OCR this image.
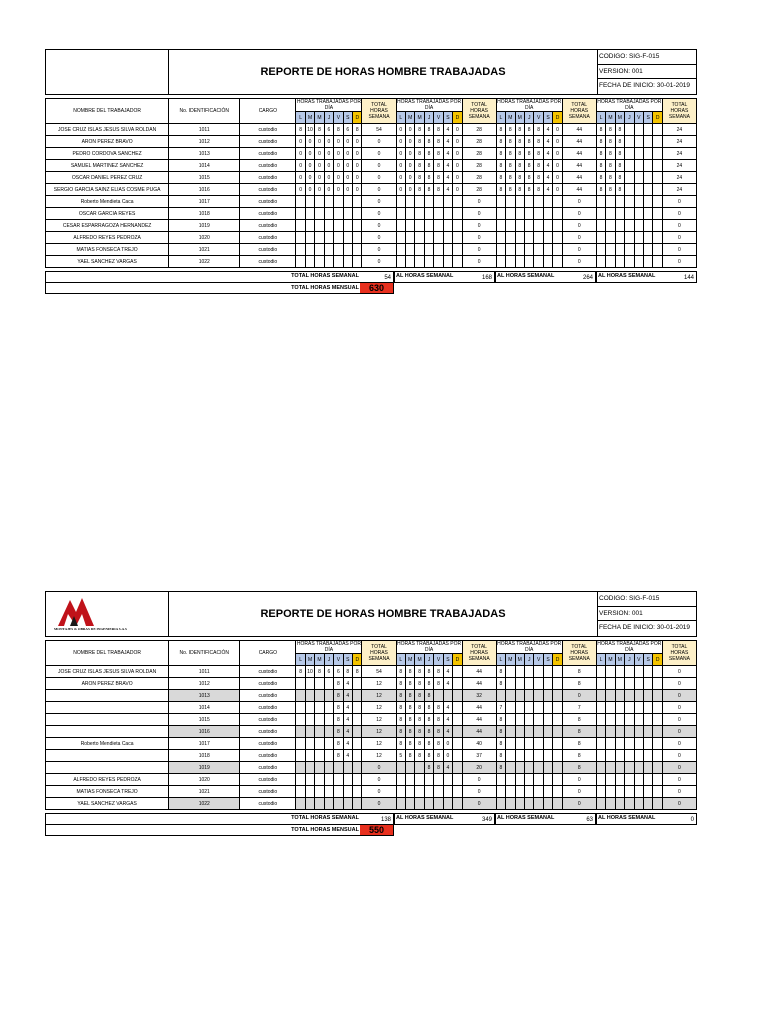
REPORTE DE HORAS HOMBRE TRABAJADAS
CODIGO: SIG-F-015
VERSION: 001
FECHA DE INICIO: 30-01-2019
NOMBRE DEL TRABAJADOR	No. IDENTIFICACIÓN	CARGO	HORAS TRABAJADAS POR DÍA							TOTAL HORAS SEMANA	HORAS TRABAJADAS POR DÍA							TOTAL HORAS SEMANA	HORAS TRABAJADAS POR DÍA							TOTAL HORAS SEMANA	HORAS TRABAJADAS POR DÍA							TOTAL HORAS SEMANA
			L	M	M	J	V	S	D		L	M	M	J	V	S	D		L	M	M	J	V	S	D		L	M	M	J	V	S	D	
JOSE CRUZ ISLAS JESUS SILVA ROLDAN	1011	custodio	8	10	8	6	8	6	8	54	0	0	8	8	8	4	0	28	8	8	8	8	8	4	0	44	8	8	8					24
ARON PEREZ BRAVO	1012	custodio	0	0	0	0	0	0	0	0	0	0	8	8	8	4	0	28	8	8	8	8	8	4	0	44	8	8	8					24
PEDRO CORDOVA SANCHEZ	1013	custodio	0	0	0	0	0	0	0	0	0	0	8	8	8	4	0	28	8	8	8	8	8	4	0	44	8	8	8					24
SAMUEL MARTINEZ SANCHEZ	1014	custodio	0	0	0	0	0	0	0	0	0	0	8	8	8	4	0	28	8	8	8	8	8	4	0	44	8	8	8					24
OSCAR DANIEL PEREZ CRUZ	1015	custodio	0	0	0	0	0	0	0	0	0	0	8	8	8	4	0	28	8	8	8	8	8	4	0	44	8	8	8					24
SERGIO GARCIA SAINZ ELIAS COSME PUGA	1016	custodio	0	0	0	0	0	0	0	0	0	0	8	8	8	4	0	28	8	8	8	8	8	4	0	44	8	8	8					24
Roberto Mendieta Caca	1017	custodio								0								0								0								0
OSCAR GARCIA REYES	1018	custodio								0								0								0								0
CESAR ESPARRAGOZA HERNANDEZ	1019	custodio								0								0								0								0
ALFREDO REYES PEDROZA	1020	custodio								0								0								0								0
MATIAS FONSECA TREJO	1021	custodio								0								0								0								0
YAEL SANCHEZ VARGAS	1022	custodio								0								0								0								0
TOTAL HORAS SEMANAL	54 AL HORAS SEMANAL	168 AL HORAS SEMANAL	264 AL HORAS SEMANAL	144
TOTAL HORAS MENSUAL	630
MONTAJES & OBRAS DE INGENIERIA S.A.S
REPORTE DE HORAS HOMBRE TRABAJADAS
CODIGO: SIG-F-015
VERSION: 001
FECHA DE INICIO: 30-01-2019
NOMBRE DEL TRABAJADOR	No. IDENTIFICACIÓN	CARGO	HORAS TRABAJADAS POR DÍA							TOTAL HORAS SEMANA	HORAS TRABAJADAS POR DÍA							TOTAL HORAS SEMANA	HORAS TRABAJADAS POR DÍA							TOTAL HORAS SEMANA	HORAS TRABAJADAS POR DÍA							TOTAL HORAS SEMANA
			L	M	M	J	V	S	D		L	M	M	J	V	S	D		L	M	M	J	V	S	D		L	M	M	J	V	S	D	
JOSE CRUZ ISLAS JESUS SILVA ROLDAN	1011	custodio	8	10	8	6	6	8	8	54	8	8	8	8	8	4		44	8							8								0
ARON PEREZ BRAVO	1012	custodio					8	4		12	8	8	8	8	8	4		44	8							8								0
	1013	custodio					8	4		12	8	8	8	8				32								0								0
	1014	custodio					8	4		12	8	8	8	8	8	4		44	7							7								0
	1015	custodio					8	4		12	8	8	8	8	8	4		44	8							8								0
	1016	custodio					8	4		12	8	8	8	8	8	4		44	8							8								0
Roberto Mendieta Caca	1017	custodio					8	4		12	8	8	8	8	8	0		40	8							8								0
	1018	custodio					8	4		12	5	8	8	8	8	0		37	8							8								0
	1019	custodio								0				8	8	4		20	8							8								0
ALFREDO REYES PEDROZA	1020	custodio								0								0								0								0
MATIAS FONSECA TREJO	1021	custodio								0								0								0								0
YAEL SANCHEZ VARGAS	1022	custodio								0								0								0								0
TOTAL HORAS SEMANAL	138 AL HORAS SEMANAL	349 AL HORAS SEMANAL	63 AL HORAS SEMANAL	0
TOTAL HORAS MENSUAL	550
